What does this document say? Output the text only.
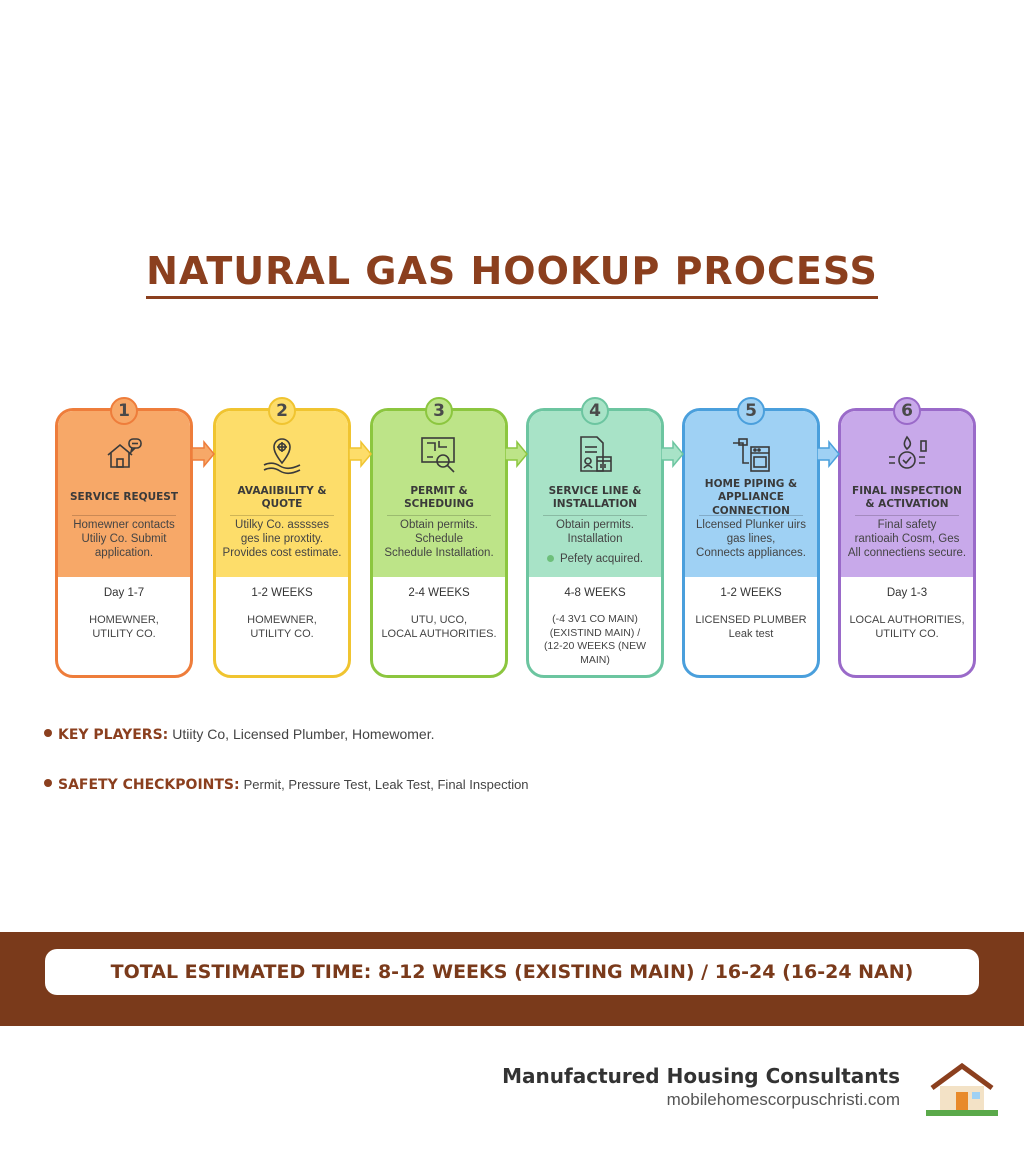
NATURAL GAS HOOKUP PROCESS
1
SERVICE REQUEST
Homewner contacts
Utiliy Co. Submit application.
Day 1-7
HOMEWNER,
UTILITY CO.
2
AVAAIIBILITY & QUOTE
Utilky Co. asssses
ges line proxtity.
Provides cost estimate.
1-2 WEEKS
HOMEWNER,
UTILITY CO.
3
PERMIT &
SCHEDUING
Obtain permits.
Schedule
Schedule Installation.
2-4 WEEKS
UTU, UCO,
LOCAL AUTHORITIES.
4
SERVICE LINE &
INSTALLATION
Obtain permits.
Installation
Pefety acquired.
4-8 WEEKS
(-4 3V1 CO MAIN)
(EXISTIND MAIN) /
(12-20 WEEKS (NEW MAIN)
5
HOME PIPING &
APPLIANCE CONNECTION
Llcensed Plunker uirs
gas lines,
Connects appliances.
1-2 WEEKS
LICENSED PLUMBER
Leak test
6
FINAL INSPECTION
& ACTIVATION
Final safety
rantioaih Cosm, Ges
All connectiens secure.
Day 1-3
LOCAL AUTHORITIES,
UTILITY CO.
KEY PLAYERS: Utiity Co, Licensed Plumber, Homewomer.
SAFETY CHECKPOINTS: Permit, Pressure Test, Leak Test, Final Inspection
TOTAL ESTIMATED TIME: 8-12 WEEKS (EXISTING MAIN) / 16-24 (16-24 NAN)
Manufactured Housing Consultants
mobilehomescorpuschristi.com
